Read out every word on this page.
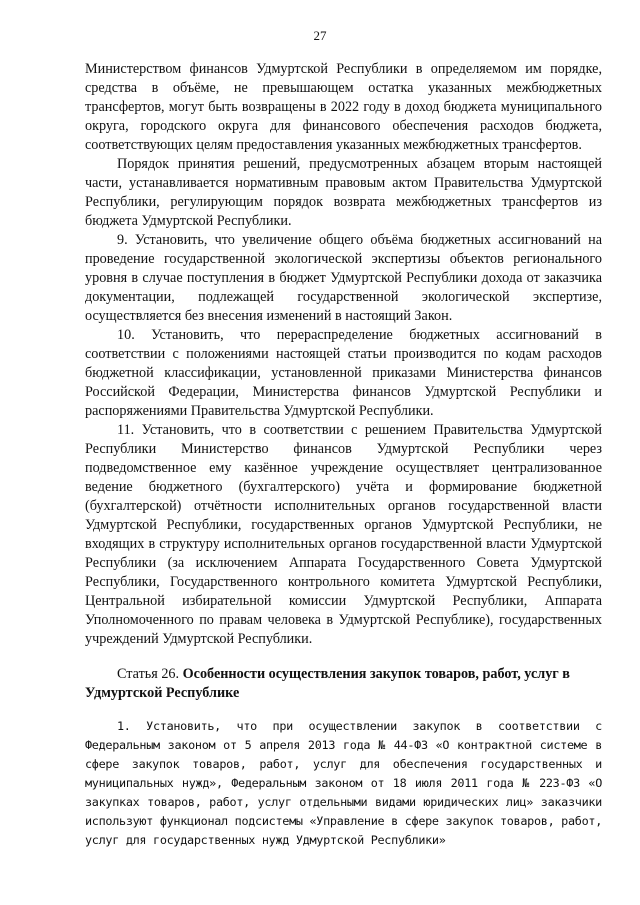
27

Министерством финансов Удмуртской Республики в определяемом им порядке, средства в объёме, не превышающем остатка указанных межбюджетных трансфертов, могут быть возвращены в 2022 году в доход бюджета муниципального округа, городского округа для финансового обеспечения расходов бюджета, соответствующих целям предоставления указанных межбюджетных трансфертов.

Порядок принятия решений, предусмотренных абзацем вторым настоящей части, устанавливается нормативным правовым актом Правительства Удмуртской Республики, регулирующим порядок возврата межбюджетных трансфертов из бюджета Удмуртской Республики.

9. Установить, что увеличение общего объёма бюджетных ассигнований на проведение государственной экологической экспертизы объектов регионального уровня в случае поступления в бюджет Удмуртской Республики дохода от заказчика документации, подлежащей государственной экологической экспертизе, осуществляется без внесения изменений в настоящий Закон.

10. Установить, что перераспределение бюджетных ассигнований в соответствии с положениями настоящей статьи производится по кодам расходов бюджетной классификации, установленной приказами Министерства финансов Российской Федерации, Министерства финансов Удмуртской Республики и распоряжениями Правительства Удмуртской Республики.

11. Установить, что в соответствии с решением Правительства Удмуртской Республики Министерство финансов Удмуртской Республики через подведомственное ему казённое учреждение осуществляет централизованное ведение бюджетного (бухгалтерского) учёта и формирование бюджетной (бухгалтерской) отчётности исполнительных органов государственной власти Удмуртской Республики, государственных органов Удмуртской Республики, не входящих в структуру исполнительных органов государственной власти Удмуртской Республики (за исключением Аппарата Государственного Совета Удмуртской Республики, Государственного контрольного комитета Удмуртской Республики, Центральной избирательной комиссии Удмуртской Республики, Аппарата Уполномоченного по правам человека в Удмуртской Республике), государственных учреждений Удмуртской Республики.

Статья 26. Особенности осуществления закупок товаров, работ, услуг в Удмуртской Республике

1. Установить, что при осуществлении закупок в соответствии с Федеральным законом от 5 апреля 2013 года № 44-ФЗ «О контрактной системе в сфере закупок товаров, работ, услуг для обеспечения государственных и муниципальных нужд», Федеральным законом от 18 июля 2011 года № 223-ФЗ «О закупках товаров, работ, услуг отдельными видами юридических лиц» заказчики используют функционал подсистемы «Управление в сфере закупок товаров, работ, услуг для государственных нужд Удмуртской Республики»
